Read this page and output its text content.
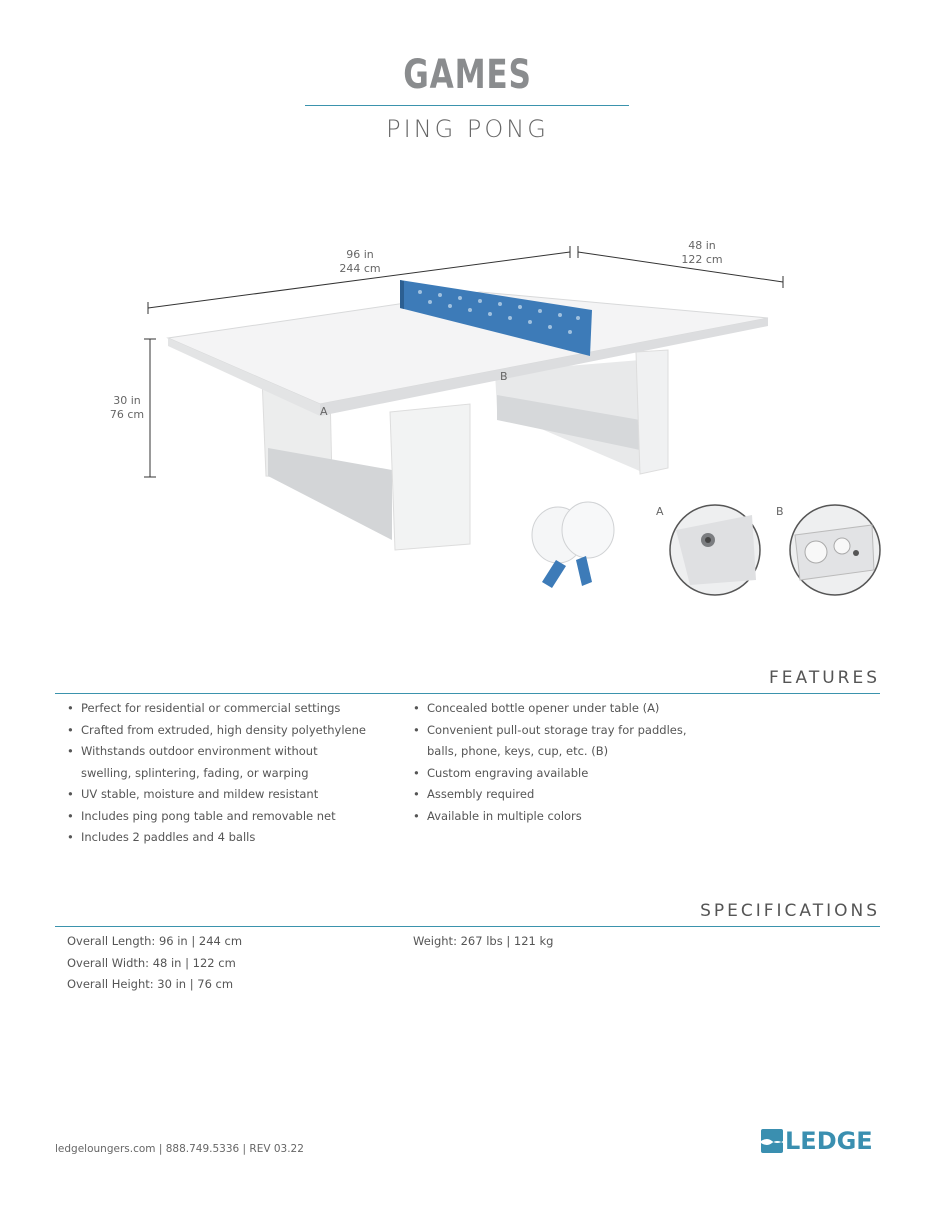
GAMES
PING PONG
96 in
244 cm
48 in
122 cm
30 in
76 cm	A
B
A	B
FEATURES
• Perfect for residential or commercial settings
• Crafted from extruded, high density polyethylene
• Withstands outdoor environment without
swelling, splintering, fading, or warping
• UV stable, moisture and mildew resistant
• Includes ping pong table and removable net
• Includes 2 paddles and 4 balls
• Concealed bottle opener under table (A)
• Convenient pull-out storage tray for paddles,
balls, phone, keys, cup, etc. (B)
• Custom engraving available
• Assembly required
• Available in multiple colors
SPECIFICATIONS
Overall Length: 96 in | 244 cm
Overall Width: 48 in | 122 cm
Overall Height: 30 in | 76 cm
Weight: 267 lbs | 121 kg
ledgeloungers.com | 888.749.5336 | REV 03.22	LEDGE
